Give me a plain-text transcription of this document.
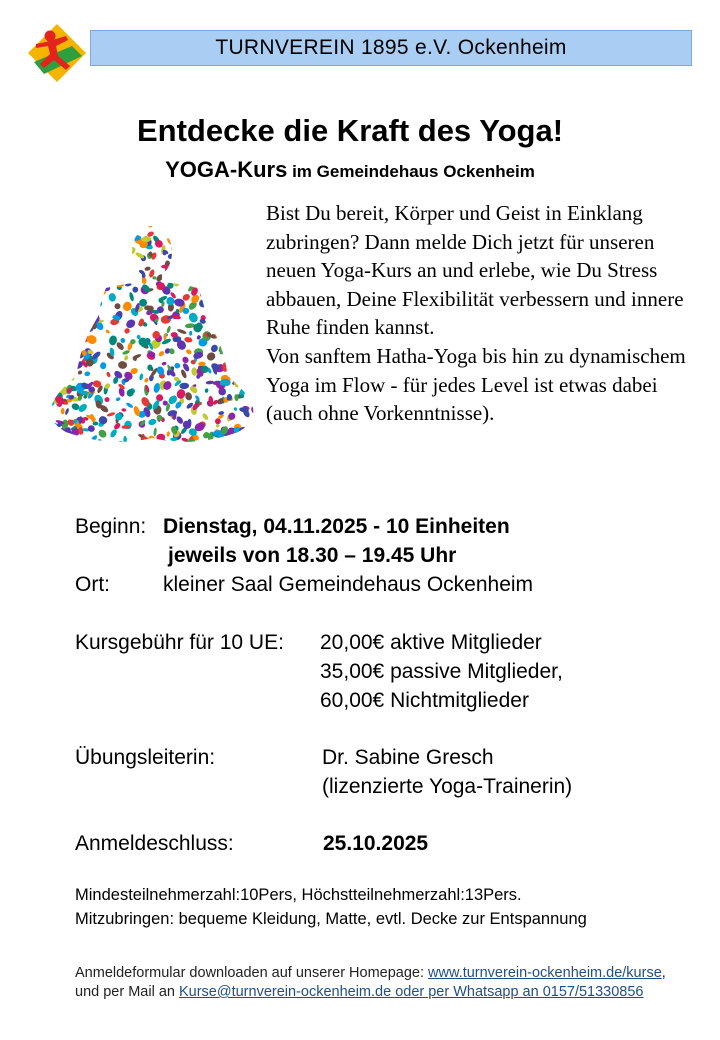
TURNVEREIN 1895 e.V. Ockenheim
Entdecke die Kraft des Yoga!
YOGA-Kurs im Gemeindehaus Ockenheim

Bist Du bereit, Körper und Geist in Einklang zubringen? Dann melde Dich jetzt für unseren neuen Yoga-Kurs an und erlebe, wie Du Stress abbauen, Deine Flexibilität verbessern und innere Ruhe finden kannst.

Von sanftem Hatha-Yoga bis hin zu dynamischem Yoga im Flow - für jedes Level ist etwas dabei (auch ohne Vorkenntnisse).

Beginn: Dienstag, 04.11.2025 - 10 Einheiten
jeweils von 18.30 – 19.45 Uhr
Ort:	kleiner Saal Gemeindehaus Ockenheim
Kursgebühr für 10 UE: 20,00€ aktive Mitglieder
35,00€ passive Mitglieder,
60,00€ Nichtmitglieder
Übungsleiterin:	Dr. Sabine Gresch
(lizenzierte Yoga-Trainerin)
Anmeldeschluss:	25.10.2025
Mindesteilnehmerzahl:10Pers, Höchstteilnehmerzahl:13Pers.
Mitzubringen: bequeme Kleidung, Matte, evtl. Decke zur Entspannung
Anmeldeformular downloaden auf unserer Homepage: www.turnverein-ockenheim.de/kurse, und per Mail an Kurse@turnverein-ockenheim.de oder per Whatsapp an 0157/51330856
